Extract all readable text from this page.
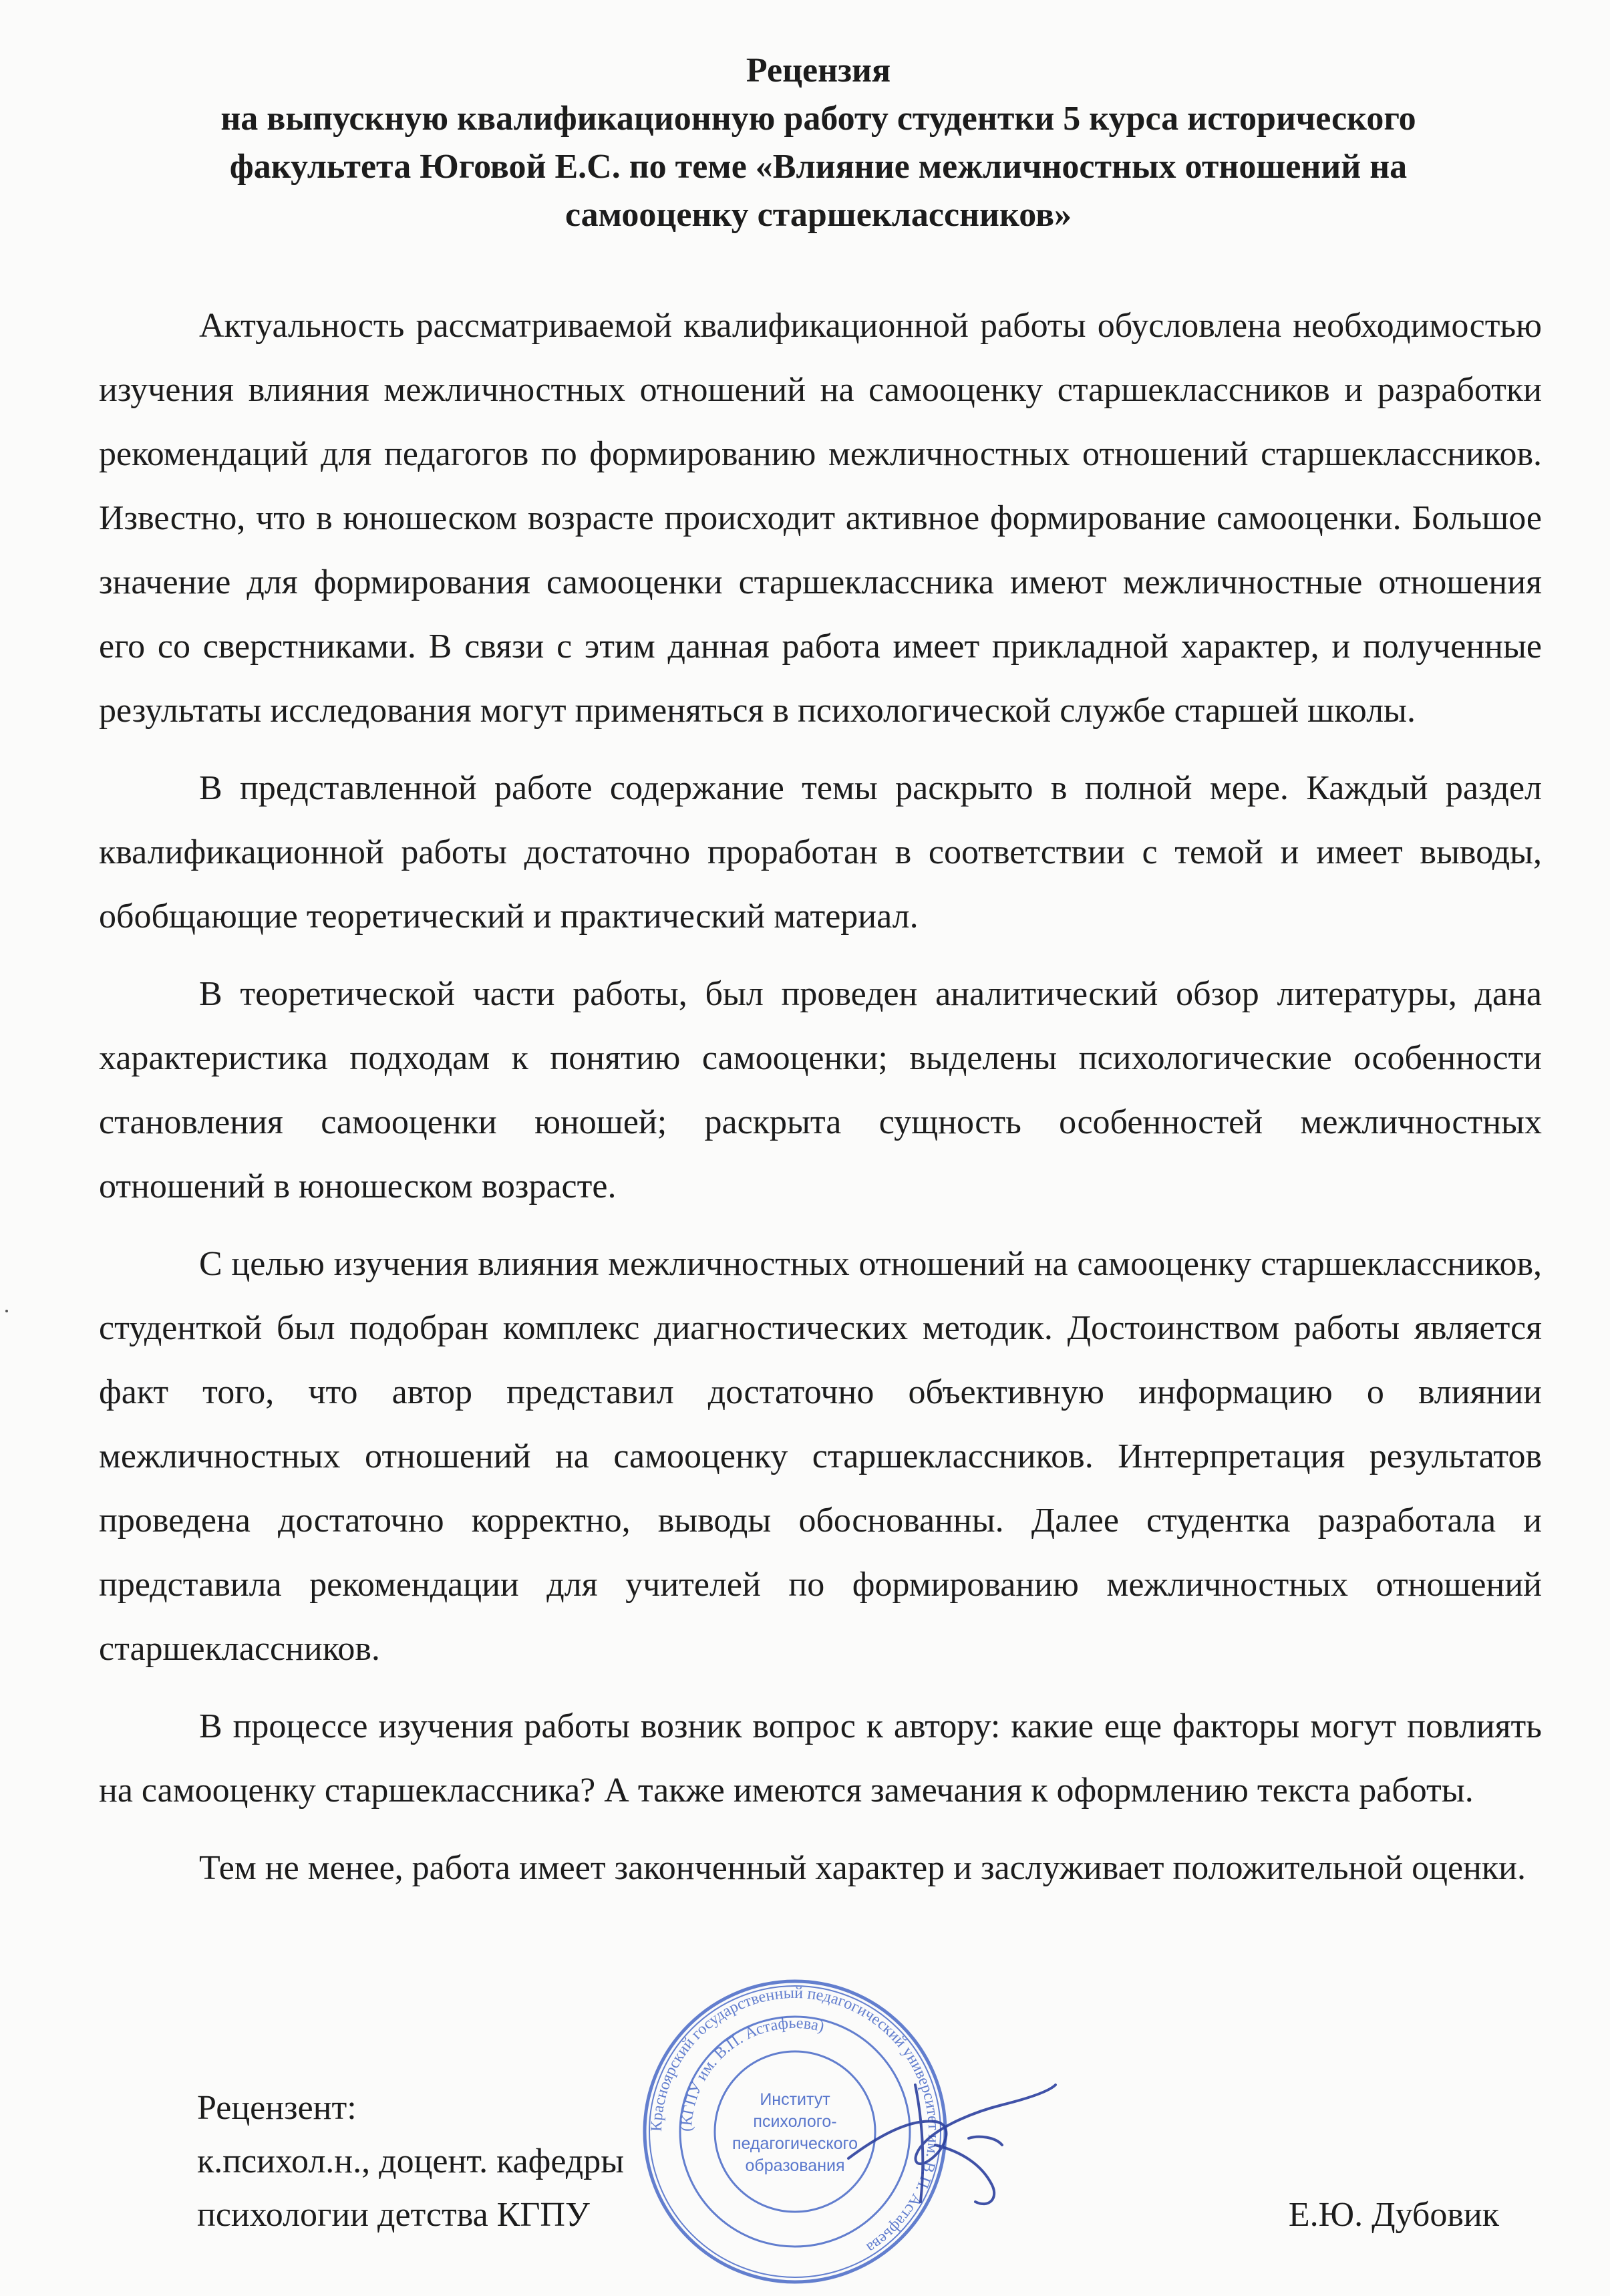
Рецензия
на выпускную квалификационную работу студентки 5 курса исторического
факультета Юговой Е.С. по теме «Влияние межличностных отношений на
самооценку старшеклассников»

Актуальность рассматриваемой квалификационной работы обусловлена необходимостью изучения влияния межличностных отношений на самооценку старшеклассников и разработки рекомендаций для педагогов по формированию межличностных отношений старшеклассников. Известно, что в юношеском возрасте происходит активное формирование самооценки. Большое значение для формирования самооценки старшеклассника имеют межличностные отношения его со сверстниками. В связи с этим данная работа имеет прикладной характер, и полученные результаты исследования могут применяться в психологической службе старшей школы.

В представленной работе содержание темы раскрыто в полной мере. Каждый раздел квалификационной работы достаточно проработан в соответствии с темой и имеет выводы, обобщающие теоретический и практический материал.

В теоретической части работы, был проведен аналитический обзор литературы, дана характеристика подходам к понятию самооценки; выделены психологические особенности становления самооценки юношей; раскрыта сущность особенностей межличностных отношений в юношеском возрасте.

С целью изучения влияния межличностных отношений на самооценку старшеклассников, студенткой был подобран комплекс диагностических методик. Достоинством работы является факт того, что автор представил достаточно объективную информацию о влиянии межличностных отношений на самооценку старшеклассников. Интерпретация результатов проведена достаточно корректно, выводы обоснованны. Далее студентка разработала и представила рекомендации для учителей по формированию межличностных отношений старшеклассников.

В процессе изучения работы возник вопрос к автору: какие еще факторы могут повлиять на самооценку старшеклассника? А также имеются замечания к оформлению текста работы.

Тем не менее, работа имеет законченный характер и заслуживает положительной оценки.

Рецензент:
к.психол.н., доцент. кафедры
психологии детства КГПУ	Е.Ю. Дубовик
Красноярский государственный педагогический университет им. В.П. Астафьева
(КГПУ им. В.П. Астафьева)
Институт
психолого-
педагогического
образования
